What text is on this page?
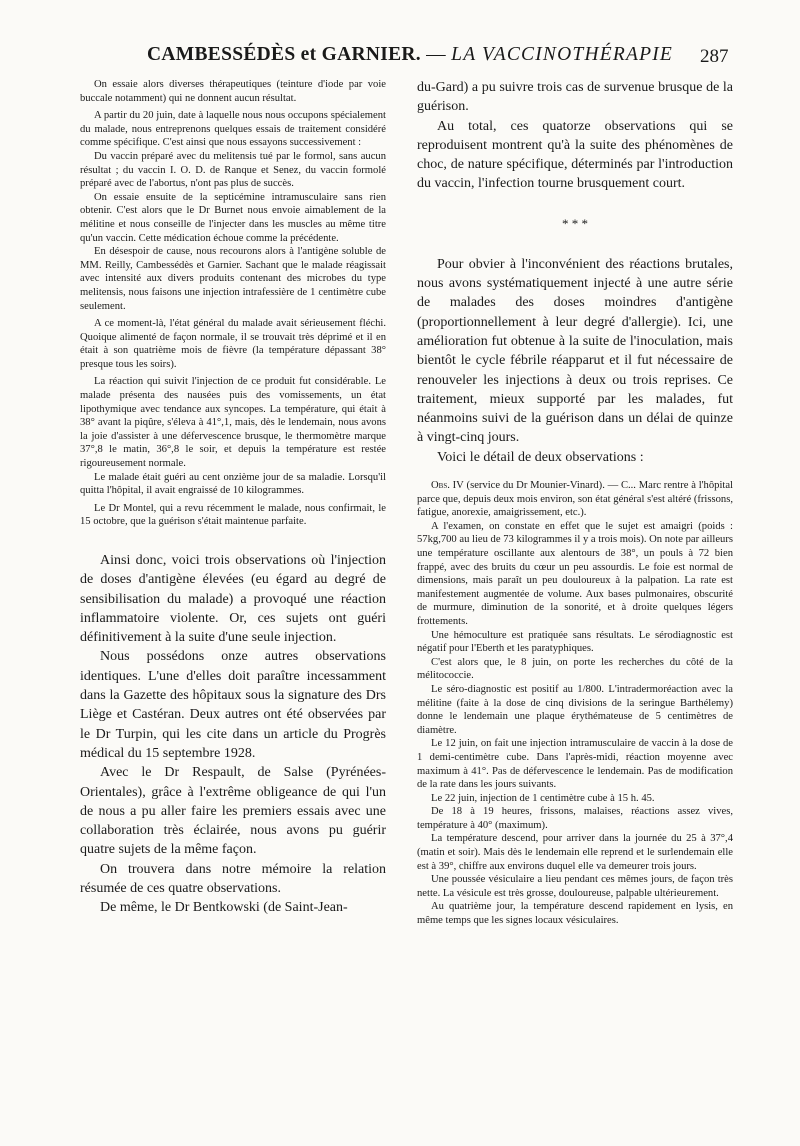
CAMBESSÉDÈS et GARNIER. — LA VACCINOTHÉRAPIE	287

On essaie alors diverses thérapeutiques (teinture d'iode par voie buccale notamment) qui ne donnent aucun résultat.

A partir du 20 juin, date à laquelle nous nous occupons spécialement du malade, nous entreprenons quelques essais de traitement considéré comme spécifique. C'est ainsi que nous essayons successivement :

Du vaccin préparé avec du melitensis tué par le formol, sans aucun résultat ; du vaccin I. O. D. de Ranque et Senez, du vaccin formolé préparé avec de l'abortus, n'ont pas plus de succès.

On essaie ensuite de la septicémine intramusculaire sans rien obtenir. C'est alors que le Dr Burnet nous envoie aimablement de la mélitine et nous conseille de l'injecter dans les muscles au même titre qu'un vaccin. Cette médication échoue comme la précédente.

En désespoir de cause, nous recourons alors à l'antigène soluble de MM. Reilly, Cambessédès et Garnier. Sachant que le malade réagissait avec intensité aux divers produits contenant des microbes du type melitensis, nous faisons une injection intrafessière de 1 centimètre cube seulement.

A ce moment-là, l'état général du malade avait sérieusement fléchi. Quoique alimenté de façon normale, il se trouvait très déprimé et il en était à son quatrième mois de fièvre (la température dépassant 38° presque tous les soirs).

La réaction qui suivit l'injection de ce produit fut considérable. Le malade présenta des nausées puis des vomissements, un état lipothymique avec tendance aux syncopes. La température, qui était à 38° avant la piqûre, s'éleva à 41°,1, mais, dès le lendemain, nous avons la joie d'assister à une défervescence brusque, le thermomètre marque 37°,8 le matin, 36°,8 le soir, et depuis la température est restée rigoureusement normale.

Le malade était guéri au cent onzième jour de sa maladie. Lorsqu'il quitta l'hôpital, il avait engraissé de 10 kilogrammes.

Le Dr Montel, qui a revu récemment le malade, nous confirmait, le 15 octobre, que la guérison s'était maintenue parfaite.

Ainsi donc, voici trois observations où l'injection de doses d'antigène élevées (eu égard au degré de sensibilisation du malade) a provoqué une réaction inflammatoire violente. Or, ces sujets ont guéri définitivement à la suite d'une seule injection.

Nous possédons onze autres observations identiques. L'une d'elles doit paraître incessamment dans la Gazette des hôpitaux sous la signature des Drs Liège et Castéran. Deux autres ont été observées par le Dr Turpin, qui les cite dans un article du Progrès médical du 15 septembre 1928.

Avec le Dr Respault, de Salse (Pyrénées-Orientales), grâce à l'extrême obligeance de qui l'un de nous a pu aller faire les premiers essais avec une collaboration très éclairée, nous avons pu guérir quatre sujets de la même façon.

On trouvera dans notre mémoire la relation résumée de ces quatre observations.

De même, le Dr Bentkowski (de Saint-Jean-

du-Gard) a pu suivre trois cas de survenue brusque de la guérison.

Au total, ces quatorze observations qui se reproduisent montrent qu'à la suite des phénomènes de choc, de nature spécifique, déterminés par l'introduction du vaccin, l'infection tourne brusquement court.

* * *

Pour obvier à l'inconvénient des réactions brutales, nous avons systématiquement injecté à une autre série de malades des doses moindres d'antigène (proportionnellement à leur degré d'allergie). Ici, une amélioration fut obtenue à la suite de l'inoculation, mais bientôt le cycle fébrile réapparut et il fut nécessaire de renouveler les injections à deux ou trois reprises. Ce traitement, mieux supporté par les malades, fut néanmoins suivi de la guérison dans un délai de quinze à vingt-cinq jours.

Voici le détail de deux observations :

Obs. IV (service du Dr Mounier-Vinard). — C... Marc rentre à l'hôpital parce que, depuis deux mois environ, son état général s'est altéré (frissons, fatigue, anorexie, amaigrissement, etc.).

A l'examen, on constate en effet que le sujet est amaigri (poids : 57kg,700 au lieu de 73 kilogrammes il y a trois mois). On note par ailleurs une température oscillante aux alentours de 38°, un pouls à 72 bien frappé, avec des bruits du cœur un peu assourdis. Le foie est normal de dimensions, mais paraît un peu douloureux à la palpation. La rate est manifestement augmentée de volume. Aux bases pulmonaires, obscurité de murmure, diminution de la sonorité, et à droite quelques légers frottements.

Une hémoculture est pratiquée sans résultats. Le sérodiagnostic est négatif pour l'Eberth et les paratyphiques.

C'est alors que, le 8 juin, on porte les recherches du côté de la mélitococcie.

Le séro-diagnostic est positif au 1/800. L'intradermoréaction avec la mélitine (faite à la dose de cinq divisions de la seringue Barthélemy) donne le lendemain une plaque érythémateuse de 5 centimètres de diamètre.

Le 12 juin, on fait une injection intramusculaire de vaccin à la dose de 1 demi-centimètre cube. Dans l'après-midi, réaction moyenne avec maximum à 41°. Pas de défervescence le lendemain. Pas de modification de la rate dans les jours suivants.

Le 22 juin, injection de 1 centimètre cube à 15 h. 45.

De 18 à 19 heures, frissons, malaises, réactions assez vives, température à 40° (maximum).

La température descend, pour arriver dans la journée du 25 à 37°,4 (matin et soir). Mais dès le lendemain elle reprend et le surlendemain elle est à 39°, chiffre aux environs duquel elle va demeurer trois jours.

Une poussée vésiculaire a lieu pendant ces mêmes jours, de façon très nette. La vésicule est très grosse, douloureuse, palpable ultérieurement.

Au quatrième jour, la température descend rapidement en lysis, en même temps que les signes locaux vésiculaires.
